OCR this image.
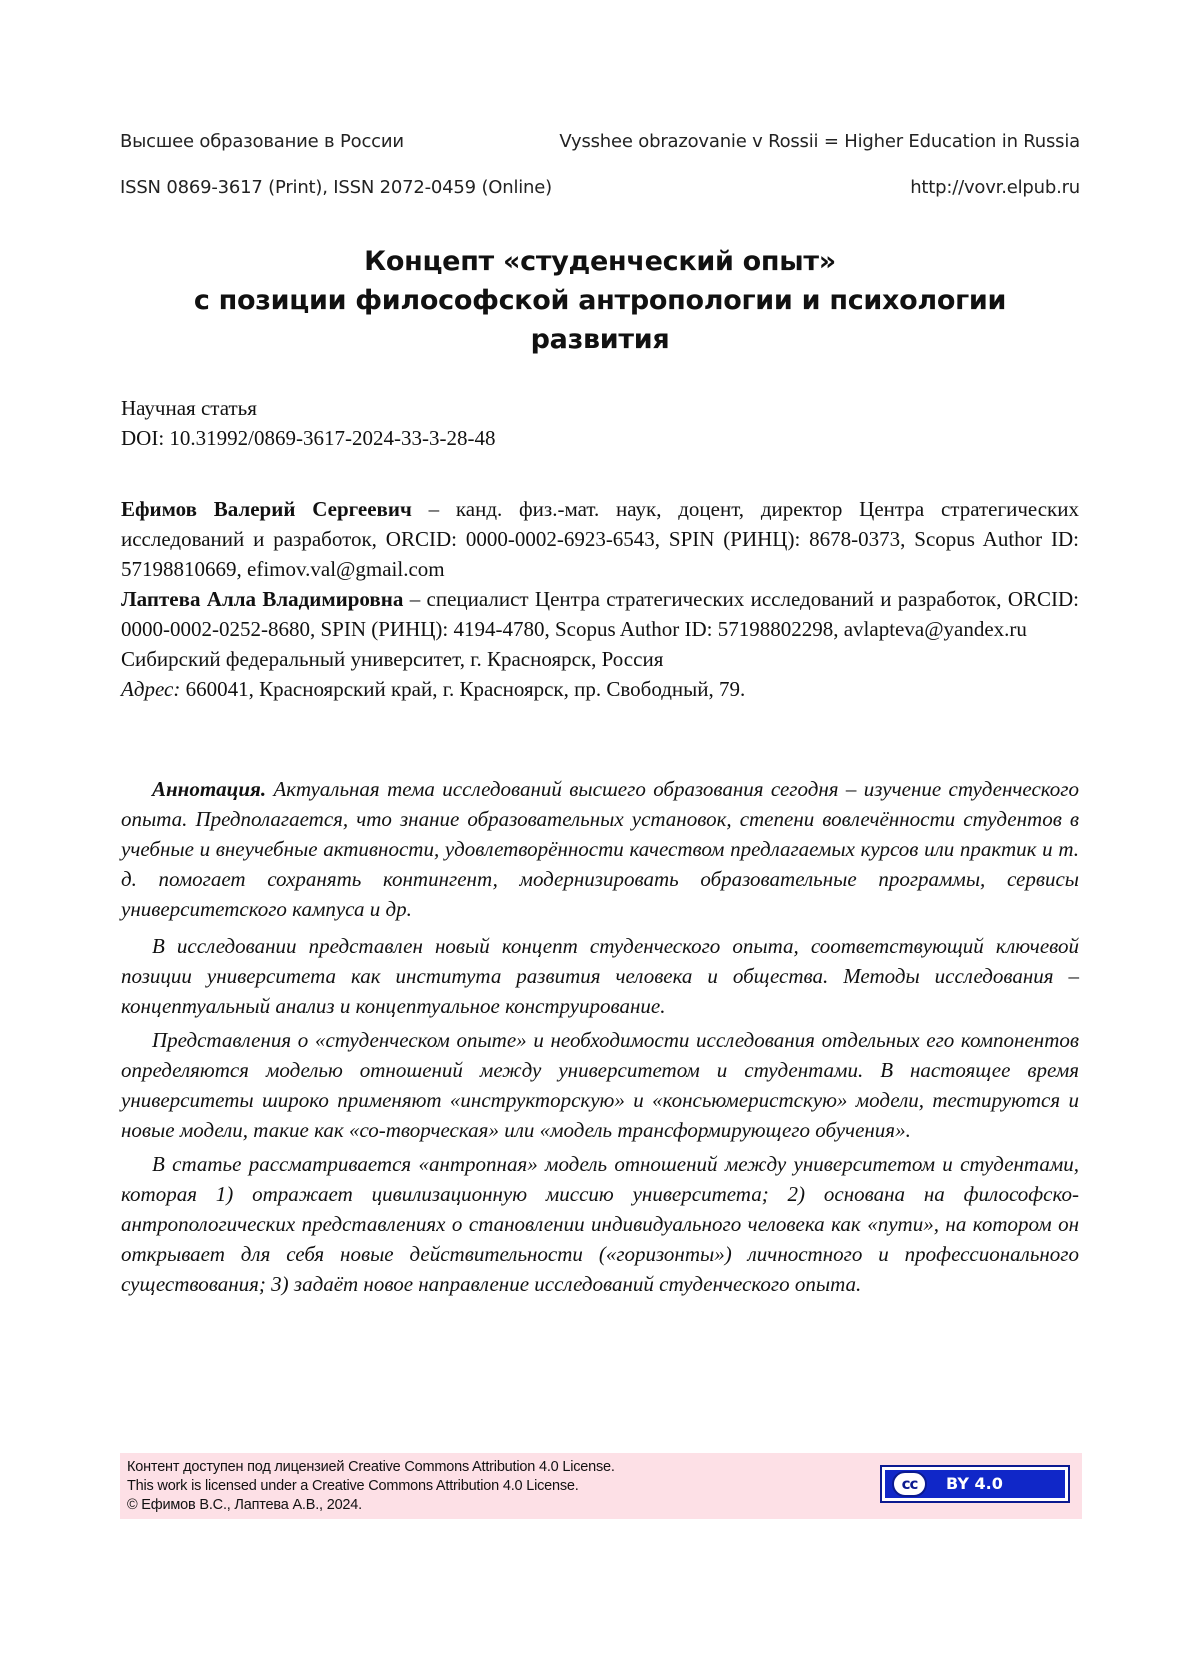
Высшее образование в России	Vysshee obrazovanie v Rossii = Higher Education in Russia
ISSN 0869-3617 (Print), ISSN 2072-0459 (Online)	http://vovr.elpub.ru
Концепт «студенческий опыт»
с позиции философской антропологии и психологии
развития
Научная статья
DOI: 10.31992/0869-3617-2024-33-3-28-48

Ефимов Валерий Сергеевич – канд. физ.-мат. наук, доцент, директор Центра стратегических исследований и разработок, ORCID: 0000-0002-6923-6543, SPIN (РИНЦ): 8678-0373, Scopus Author ID: 57198810669, efimov.val@gmail.com

Лаптева Алла Владимировна – специалист Центра стратегических исследований и разработок, ORCID: 0000-0002-0252-8680, SPIN (РИНЦ): 4194-4780, Scopus Author ID: 57198802298, avlapteva@yandex.ru

Сибирский федеральный университет, г. Красноярск, Россия

Адрес: 660041, Красноярский край, г. Красноярск, пр. Свободный, 79.

Аннотация. Актуальная тема исследований высшего образования сегодня – изучение студенческого опыта. Предполагается, что знание образовательных установок, степени вовлечённости студентов в учебные и внеучебные активности, удовлетворённости качеством предлагаемых курсов или практик и т. д. помогает сохранять контингент, модернизировать образовательные программы, сервисы университетского кампуса и др.

В исследовании представлен новый концепт студенческого опыта, соответствующий ключевой позиции университета как института развития человека и общества. Методы исследования – концептуальный анализ и концептуальное конструирование.

Представления о «студенческом опыте» и необходимости исследования отдельных его компонентов определяются моделью отношений между университетом и студентами. В настоящее время университеты широко применяют «инструкторскую» и «консьюмеристскую» модели, тестируются и новые модели, такие как «со-творческая» или «модель трансформирующего обучения».

В статье рассматривается «антропная» модель отношений между университетом и студентами, которая 1) отражает цивилизационную миссию университета; 2) основана на философско-антропологических представлениях о становлении индивидуального человека как «пути», на котором он открывает для себя новые действительности («горизонты») личностного и профессионального существования; 3) задаёт новое направление исследований студенческого опыта.

Контент доступен под лицензией Creative Commons Attribution 4.0 License.
This work is licensed under a Creative Commons Attribution 4.0 License.
© Ефимов В.С., Лаптева А.В., 2024.
cc	BY 4.0
